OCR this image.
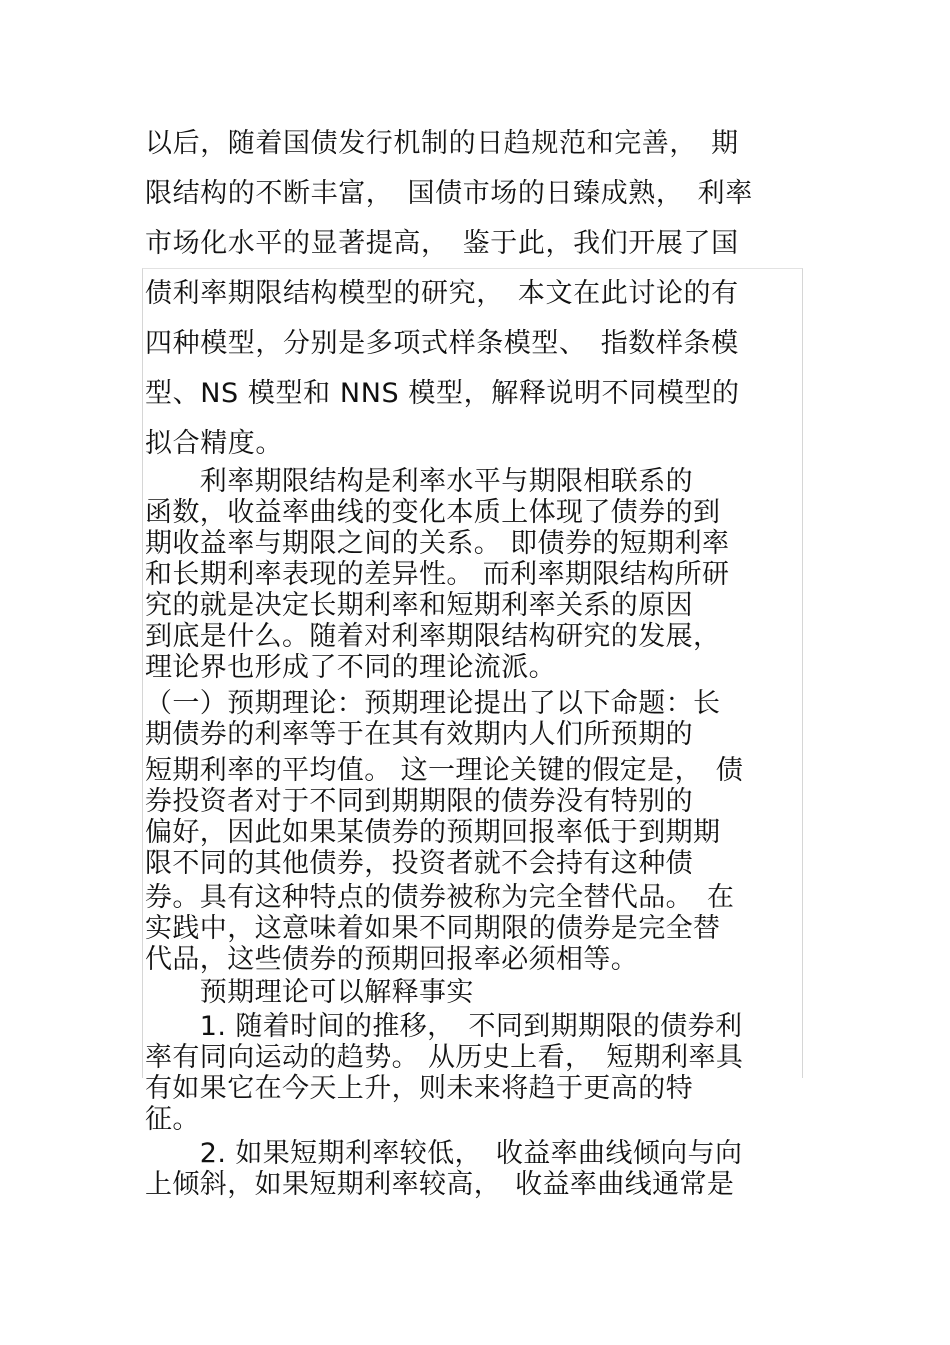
以后，随着国债发行机制的日趋规范和完善，　期
限结构的不断丰富，　国债市场的日臻成熟，　利率
市场化水平的显著提高，　鉴于此，我们开展了国
债利率期限结构模型的研究，　本文在此讨论的有
四种模型，分别是多项式样条模型、　指数样条模
型、NS 模型和 NNS 模型，解释说明不同模型的
拟合精度。
　　利率期限结构是利率水平与期限相联系的
函数，收益率曲线的变化本质上体现了债券的到
期收益率与期限之间的关系。 即债券的短期利率
和长期利率表现的差异性。 而利率期限结构所研
究的就是决定长期利率和短期利率关系的原因
到底是什么。随着对利率期限结构研究的发展，
理论界也形成了不同的理论流派。
（一）预期理论：预期理论提出了以下命题：长
期债券的利率等于在其有效期内人们所预期的
短期利率的平均值。 这一理论关键的假定是，　债
券投资者对于不同到期期限的债券没有特别的
偏好，因此如果某债券的预期回报率低于到期期
限不同的其他债券，投资者就不会持有这种债
券。具有这种特点的债券被称为完全替代品。　在
实践中，这意味着如果不同期限的债券是完全替
代品，这些债券的预期回报率必须相等。
　　预期理论可以解释事实
　　1. 随着时间的推移，　不同到期期限的债券利
率有同向运动的趋势。 从历史上看，　短期利率具
有如果它在今天上升，则未来将趋于更高的特
征。
　　2. 如果短期利率较低，　收益率曲线倾向与向
上倾斜，如果短期利率较高，　收益率曲线通常是
